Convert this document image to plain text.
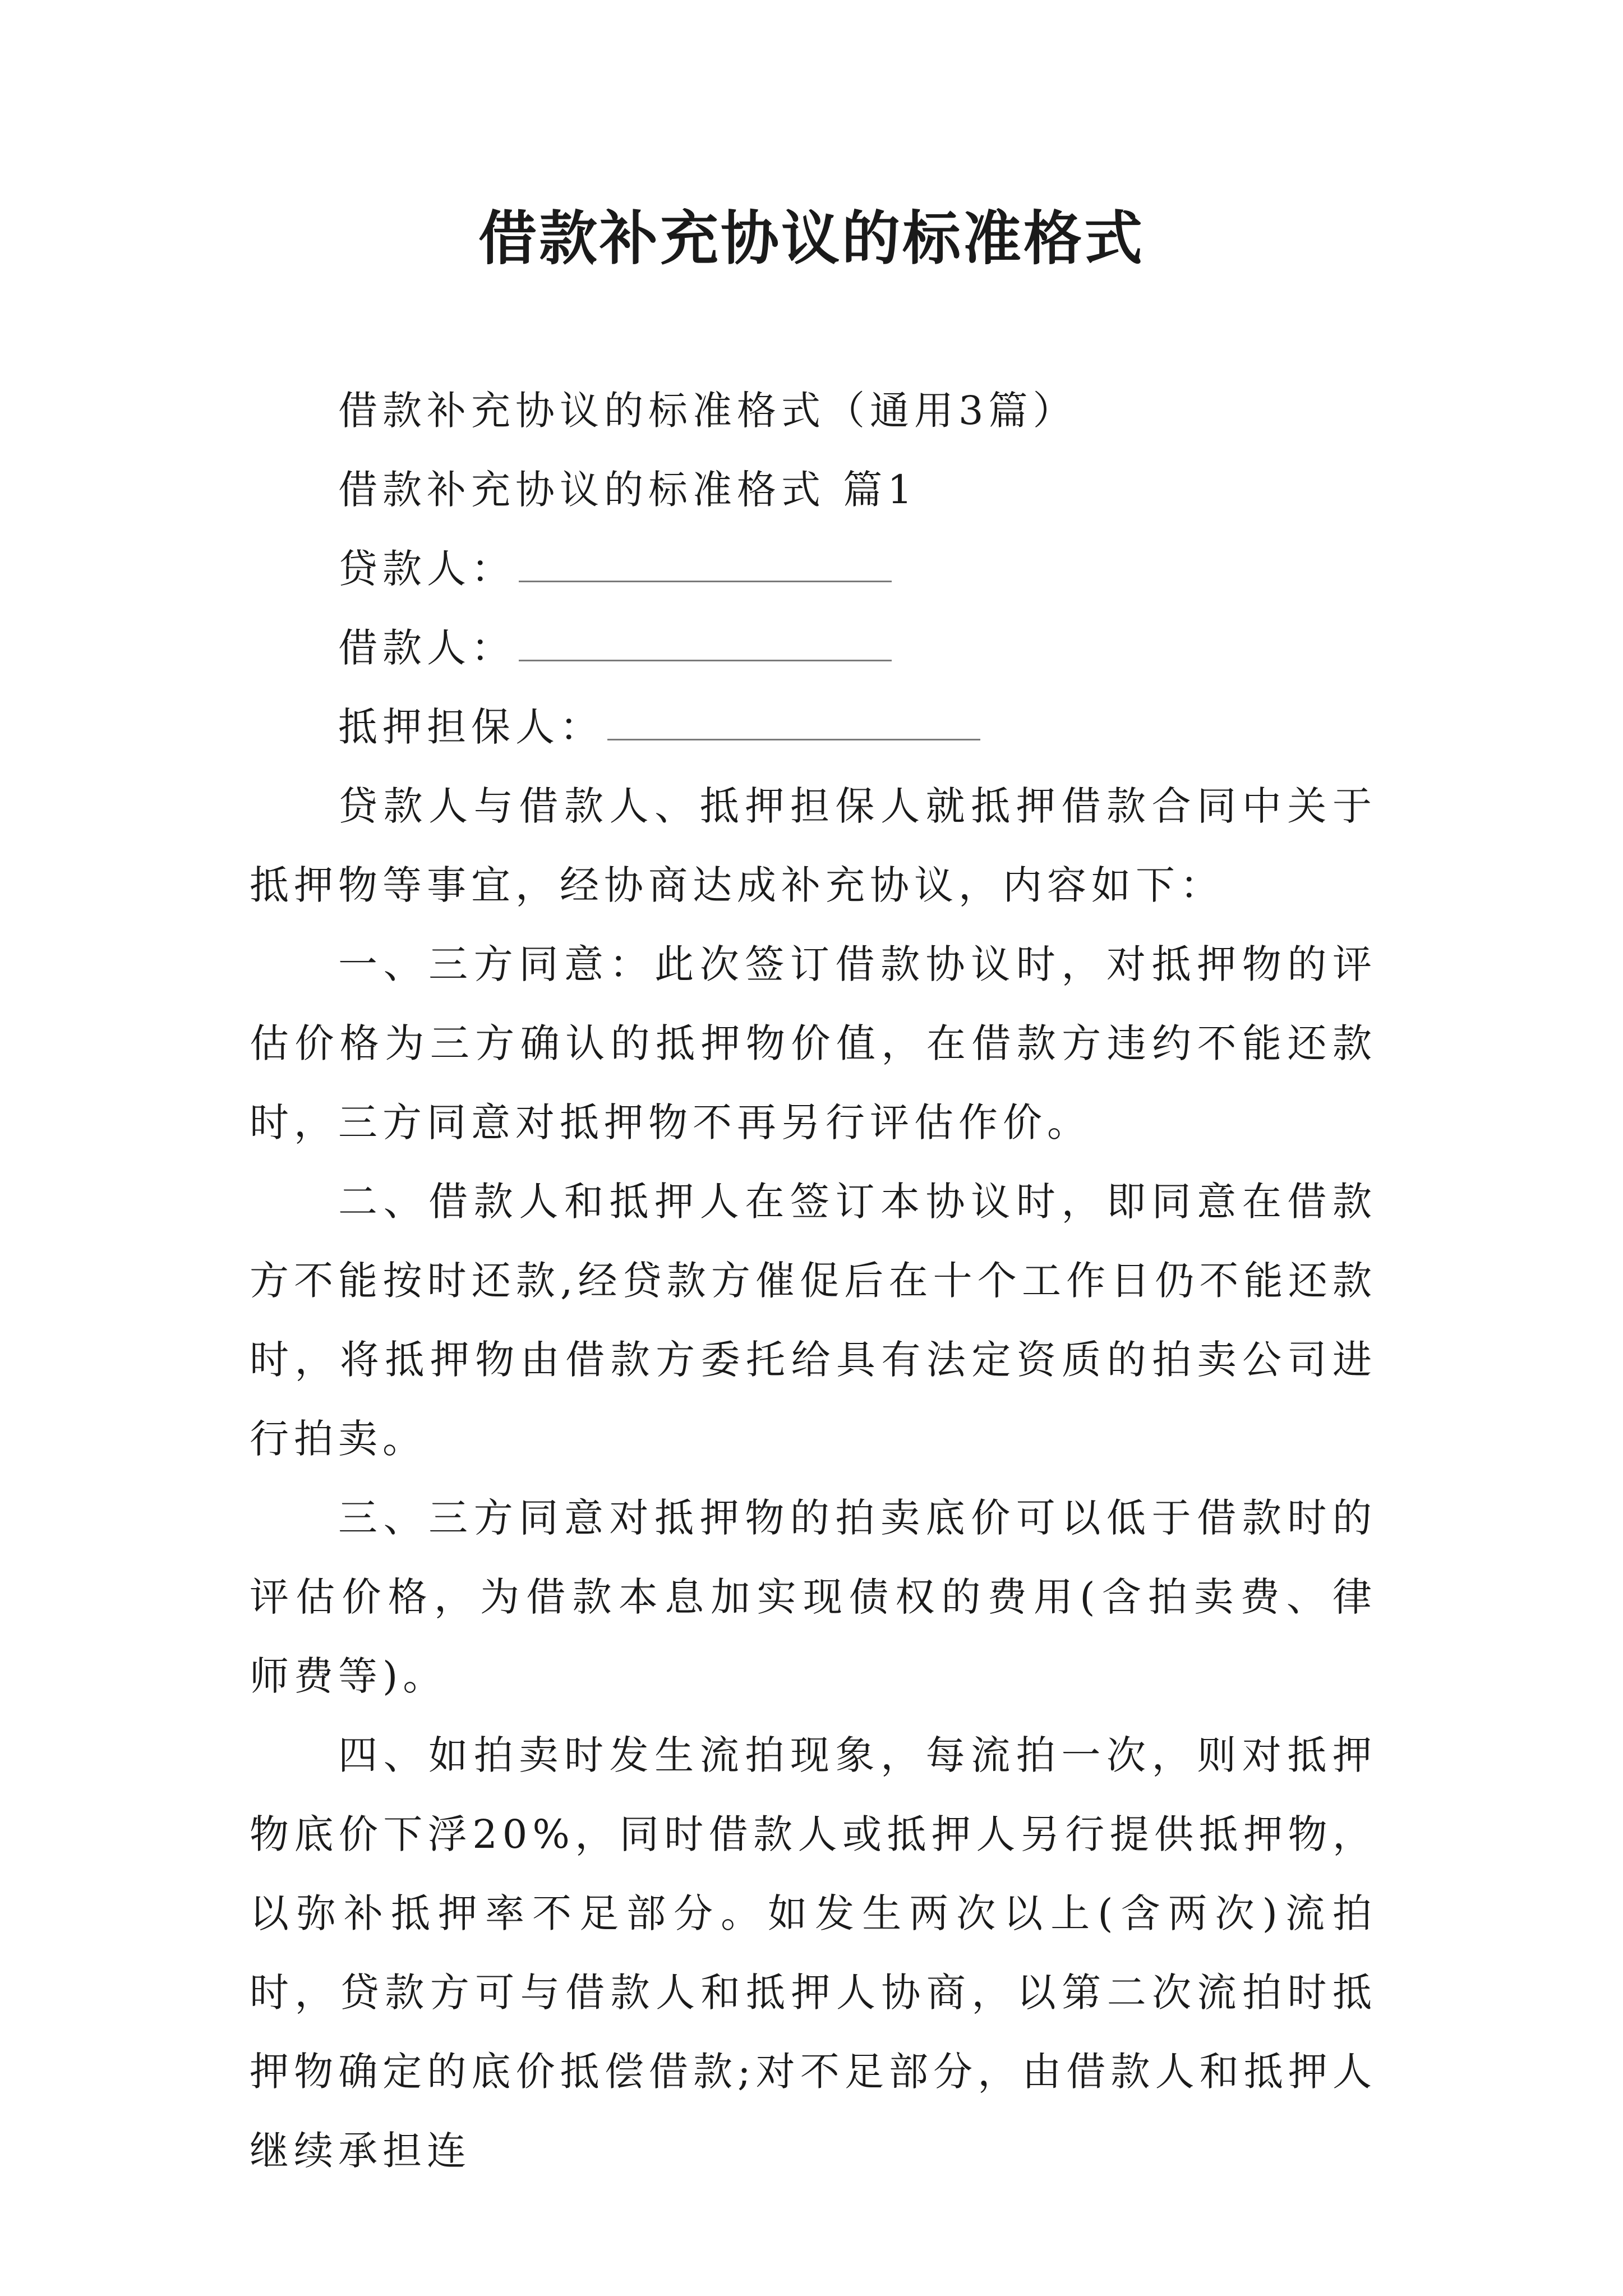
借款补充协议的标准格式

借款补充协议的标准格式（通用3篇）

借款补充协议的标准格式 篇1

贷款人：

借款人：

抵押担保人：

贷款人与借款人、抵押担保人就抵押借款合同中关于抵押物等事宜，经协商达成补充协议，内容如下：

一、三方同意：此次签订借款协议时，对抵押物的评估价格为三方确认的抵押物价值，在借款方违约不能还款时，三方同意对抵押物不再另行评估作价。

二、借款人和抵押人在签订本协议时，即同意在借款方不能按时还款,经贷款方催促后在十个工作日仍不能还款时，将抵押物由借款方委托给具有法定资质的拍卖公司进行拍卖。

三、三方同意对抵押物的拍卖底价可以低于借款时的评估价格，为借款本息加实现债权的费用(含拍卖费、律师费等)。

四、如拍卖时发生流拍现象，每流拍一次，则对抵押物底价下浮20%，同时借款人或抵押人另行提供抵押物，以弥补抵押率不足部分。如发生两次以上(含两次)流拍时，贷款方可与借款人和抵押人协商，以第二次流拍时抵押物确定的底价抵偿借款;对不足部分，由借款人和抵押人继续承担连
